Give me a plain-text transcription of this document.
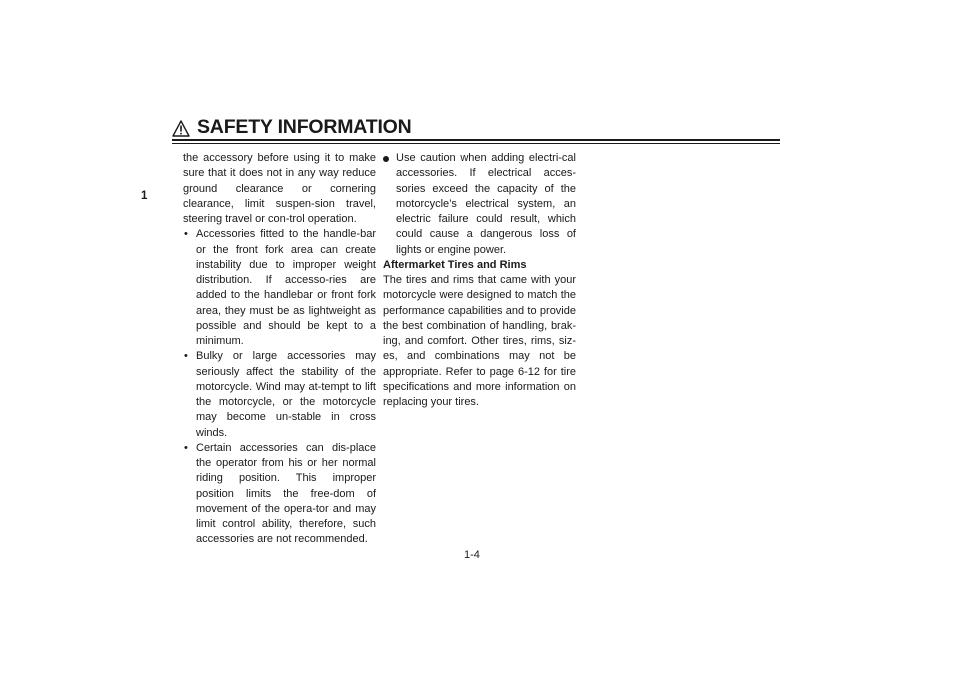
SAFETY INFORMATION
1

the accessory before using it to make sure that it does not in any way reduce ground clearance or cornering clearance, limit suspen-sion travel, steering travel or con-trol operation.

• Accessories fitted to the handle-bar or the front fork area can create instability due to improper weight distribution. If accesso-ries are added to the handlebar or front fork area, they must be as lightweight as possible and should be kept to a minimum.
• Bulky or large accessories may seriously affect the stability of the motorcycle. Wind may at-tempt to lift the motorcycle, or the motorcycle may become un-stable in cross winds.
• Certain accessories can dis-place the operator from his or her normal riding position. This improper position limits the free-dom of movement of the opera-tor and may limit control ability, therefore, such accessories are not recommended.
Use caution when adding electri-cal accessories. If electrical acces-sories exceed the capacity of the motorcycle’s electrical system, an electric failure could result, which could cause a dangerous loss of lights or engine power.

Aftermarket Tires and Rims

The tires and rims that came with your motorcycle were designed to match the performance capabilities and to provide the best combination of handling, brak-ing, and comfort. Other tires, rims, siz-es, and combinations may not be appropriate. Refer to page 6-12 for tire specifications and more information on replacing your tires.

1-4
